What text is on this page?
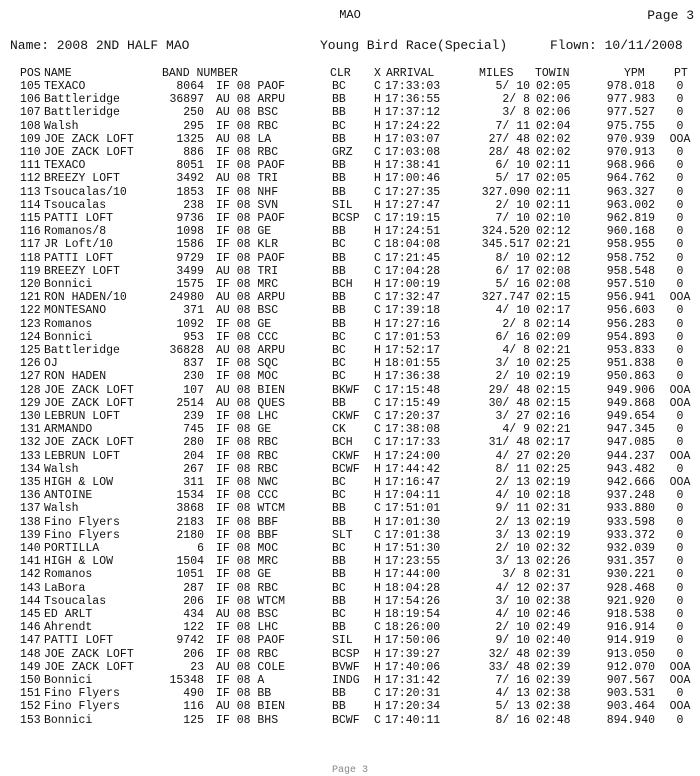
MAO	Page 3
Name: 2008 2ND HALF MAO	Young Bird Race(Special)	Flown: 10/11/2008
POS NAME	BAND NUMBER	CLR X ARRIVAL	MILES TOWIN	YPM	PT
105 TEXACO	8064 IF 08 PAOF	BC C 17:33:03	5/ 10 02:05	978.018	0
106 Battleridge	36897 AU 08 ARPU	BB H 17:36:55	2/ 8 02:06	977.983	0
107 Battleridge	250 AU 08 BSC	BB H 17:37:12	3/ 8 02:06	977.527	0
108 Walsh	295 IF 08 RBC	BC H 17:24:22	7/ 11 02:04	975.755	0
109 JOE ZACK LOFT	1325 AU 08 LA	BB H 17:03:07	27/ 48 02:02	970.939	OOA
110 JOE ZACK LOFT	886 IF 08 RBC	GRZ C 17:03:08	28/ 48 02:02	970.913	0
111 TEXACO	8051 IF 08 PAOF	BB H 17:38:41	6/ 10 02:11	968.966	0
112 BREEZY LOFT	3492 AU 08 TRI	BB H 17:00:46	5/ 17 02:05	964.762	0
113 Tsoucalas/10	1853 IF 08 NHF	BB C 17:27:35	327.090 02:11	963.327	0
114 Tsoucalas	238 IF 08 SVN	SIL H 17:27:47	2/ 10 02:11	963.002	0
115 PATTI LOFT	9736 IF 08 PAOF	BCSP C 17:19:15	7/ 10 02:10	962.819	0
116 Romanos/8	1098 IF 08 GE	BB H 17:24:51	324.520 02:12	960.168	0
117 JR Loft/10	1586 IF 08 KLR	BC C 18:04:08	345.517 02:21	958.955	0
118 PATTI LOFT	9729 IF 08 PAOF	BB C 17:21:45	8/ 10 02:12	958.752	0
119 BREEZY LOFT	3499 AU 08 TRI	BB C 17:04:28	6/ 17 02:08	958.548	0
120 Bonnici	1575 IF 08 MRC	BCH H 17:00:19	5/ 16 02:08	957.510	0
121 RON HADEN/10	24980 AU 08 ARPU	BB C 17:32:47	327.747 02:15	956.941	OOA
122 MONTESANO	371 AU 08 BSC	BB C 17:39:18	4/ 10 02:17	956.603	0
123 Romanos	1092 IF 08 GE	BB H 17:27:16	2/ 8 02:14	956.283	0
124 Bonnici	953 IF 08 CCC	BC C 17:01:53	6/ 16 02:09	954.893	0
125 Battleridge	36828 AU 08 ARPU	BC H 17:52:17	4/ 8 02:21	953.833	0
126 OJ	837 IF 08 SQC	BC H 18:01:55	3/ 10 02:25	951.838	0
127 RON HADEN	230 IF 08 MOC	BC H 17:36:38	2/ 10 02:19	950.863	0
128 JOE ZACK LOFT	107 AU 08 BIEN	BKWF C 17:15:48	29/ 48 02:15	949.906	OOA
129 JOE ZACK LOFT	2514 AU 08 QUES	BB C 17:15:49	30/ 48 02:15	949.868	OOA
130 LEBRUN LOFT	239 IF 08 LHC	CKWF C 17:20:37	3/ 27 02:16	949.654	0
131 ARMANDO	745 IF 08 GE	CK C 17:38:08	4/ 9 02:21	947.345	0
132 JOE ZACK LOFT	280 IF 08 RBC	BCH C 17:17:33	31/ 48 02:17	947.085	0
133 LEBRUN LOFT	204 IF 08 RBC	CKWF H 17:24:00	4/ 27 02:20	944.237	OOA
134 Walsh	267 IF 08 RBC	BCWF H 17:44:42	8/ 11 02:25	943.482	0
135 HIGH & LOW	311 IF 08 NWC	BC H 17:16:47	2/ 13 02:19	942.666	OOA
136 ANTOINE	1534 IF 08 CCC	BC H 17:04:11	4/ 10 02:18	937.248	0
137 Walsh	3868 IF 08 WTCM	BB C 17:51:01	9/ 11 02:31	933.880	0
138 Fino Flyers	2183 IF 08 BBF	BB H 17:01:30	2/ 13 02:19	933.598	0
139 Fino Flyers	2180 IF 08 BBF	SLT C 17:01:38	3/ 13 02:19	933.372	0
140 PORTILLA	6 IF 08 MOC	BC H 17:51:30	2/ 10 02:32	932.039	0
141 HIGH & LOW	1504 IF 08 MRC	BB H 17:23:55	3/ 13 02:26	931.357	0
142 Romanos	1051 IF 08 GE	BB H 17:44:00	3/ 8 02:31	930.221	0
143 LaBora	287 IF 08 RBC	BC H 18:04:28	4/ 12 02:37	928.468	0
144 Tsoucalas	206 IF 08 WTCM	BB H 17:54:26	3/ 10 02:38	921.920	0
145 ED ARLT	434 AU 08 BSC	BC H 18:19:54	4/ 10 02:46	918.538	0
146 Ahrendt	122 IF 08 LHC	BB C 18:26:00	2/ 10 02:49	916.914	0
147 PATTI LOFT	9742 IF 08 PAOF	SIL H 17:50:06	9/ 10 02:40	914.919	0
148 JOE ZACK LOFT	206 IF 08 RBC	BCSP H 17:39:27	32/ 48 02:39	913.050	0
149 JOE ZACK LOFT	23 AU 08 COLE	BVWF H 17:40:06	33/ 48 02:39	912.070	OOA
150 Bonnici	15348 IF 08 A	INDG H 17:31:42	7/ 16 02:39	907.567	OOA
151 Fino Flyers	490 IF 08 BB	BB C 17:20:31	4/ 13 02:38	903.531	0
152 Fino Flyers	116 AU 08 BIEN	BB H 17:20:34	5/ 13 02:38	903.464	OOA
153 Bonnici	125 IF 08 BHS	BCWF C 17:40:11	8/ 16 02:48	894.940	0
Page 3
